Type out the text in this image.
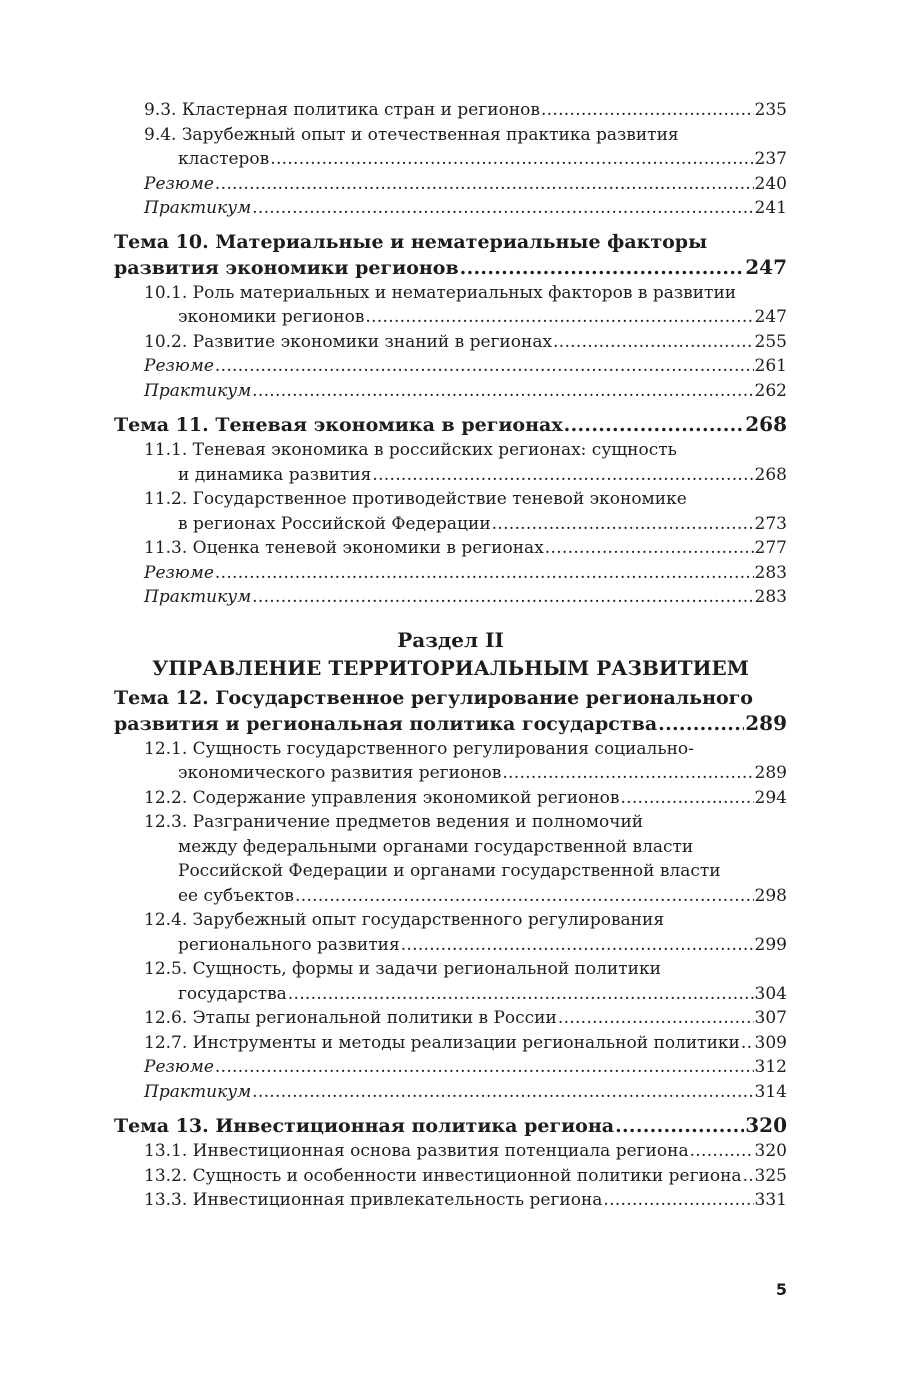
9.3. Кластерная политика стран и регионов .....	235
9.4. Зарубежный опыт и отечественная практика развития
кластеров .....	237
Резюме .....	240
Практикум .....	241
Тема 10. Материальные и нематериальные факторы
развития экономики регионов .....	247
10.1. Роль материальных и нематериальных факторов в развитии
экономики регионов .....	247
10.2. Развитие экономики знаний в регионах .....	255
Резюме .....	261
Практикум .....	262
Тема 11. Теневая экономика в регионах .....	268
11.1. Теневая экономика в российских регионах: сущность
и динамика развития .....	268
11.2. Государственное противодействие теневой экономике
в регионах Российской Федерации .....	273
11.3. Оценка теневой экономики в регионах .....	277
Резюме .....	283
Практикум .....	283
Раздел II
УПРАВЛЕНИЕ ТЕРРИТОРИАЛЬНЫМ РАЗВИТИЕМ
Тема 12. Государственное регулирование регионального
развития и региональная политика государства .....	289
12.1. Сущность государственного регулирования социально-
экономического развития регионов .....	289
12.2. Содержание управления экономикой регионов .....	294
12.3. Разграничение предметов ведения и полномочий
между федеральными органами государственной власти
Российской Федерации и органами государственной власти
ее субъектов .....	298
12.4. Зарубежный опыт государственного регулирования
регионального развития .....	299
12.5. Сущность, формы и задачи региональной политики
государства .....	304
12.6. Этапы региональной политики в России .....	307
12.7. Инструменты и методы реализации региональной политики ..... 309
Резюме .....	312
Практикум .....	314
Тема 13. Инвестиционная политика региона .....	320
13.1. Инвестиционная основа развития потенциала региона .....	320
13.2. Сущность и особенности инвестиционной политики региона ..... 325
13.3. Инвестиционная привлекательность региона .....	331
5
